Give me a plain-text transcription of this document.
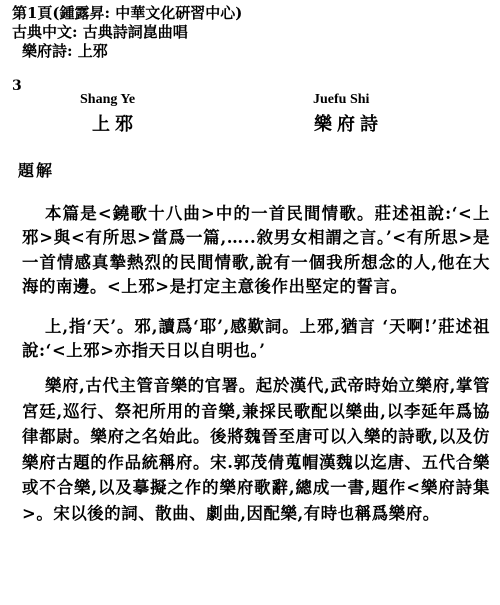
第1頁(鍾露昇: 中華文化硏習中心)
古典中文: 古典詩詞崑曲唱
樂府詩: 上邪
3
Shang Ye
上邪
Juefu Shi
樂府詩
題解

本篇是<鐃歌十八曲>中的一首民間情歌。莊述祖說:‘<上邪>與<有所思>當爲一篇,…..敘男女相謂之言。’<有所思>是一首情感真摯熱烈的民間情歌,說有一個我所想念的人,他在大海的南邊。<上邪>是打定主意後作出堅定的誓言。

上,指‘天’。邪,讀爲‘耶’,感歎詞。上邪,猶言 ‘天啊!’莊述祖說:‘<上邪>亦指天日以自明也。’

樂府,古代主管音樂的官署。起於漢代,武帝時始立樂府,掌管宮廷,巡行、祭祀所用的音樂,兼採民歌配以樂曲,以李延年爲協律都尉。樂府之名始此。後將魏晉至唐可以入樂的詩歌,以及仿樂府古題的作品統稱府。宋.郭茂倩蒐帽漢魏以迄唐、五代合樂或不合樂,以及摹擬之作的樂府歌辭,總成一書,題作<樂府詩集>。宋以後的詞、散曲、劇曲,因配樂,有時也稱爲樂府。
